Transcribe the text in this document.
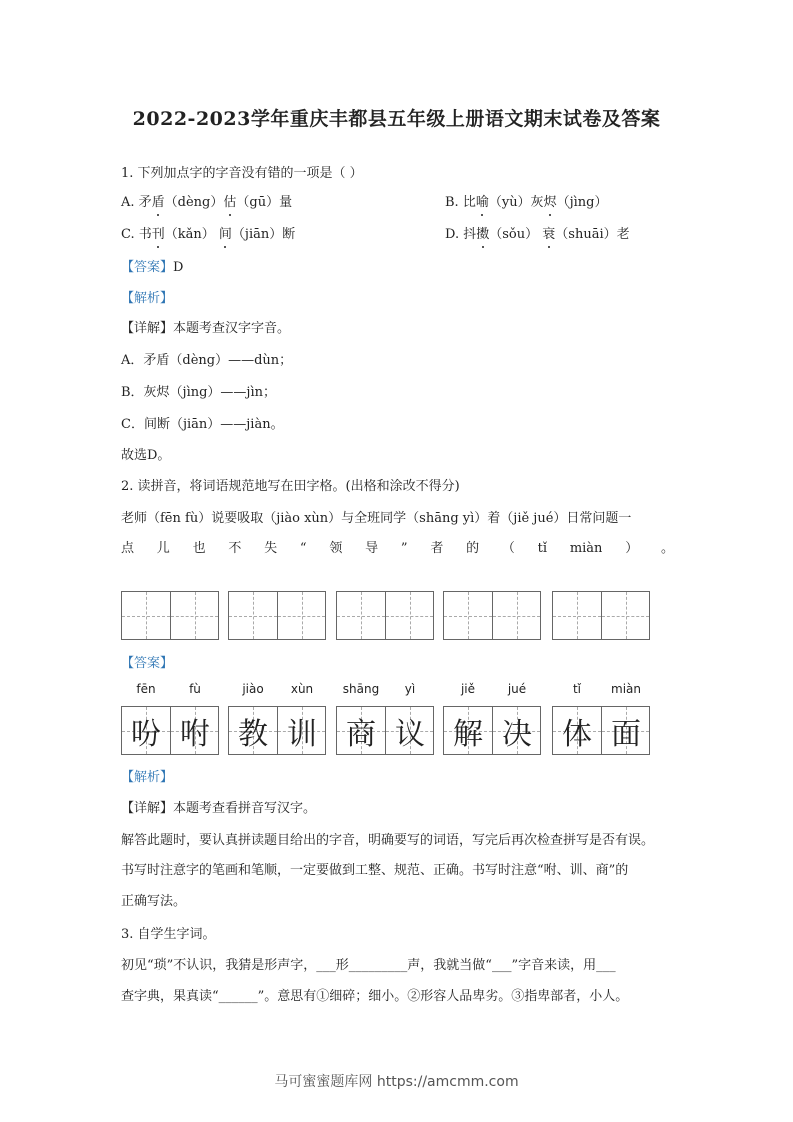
2022-2023学年重庆丰都县五年级上册语文期末试卷及答案
1. 下列加点字的字音没有错的一项是（ ）
A. 矛盾（dèng）估（gū）量	B. 比喻（yù）灰烬（jìng）
C. 书刊（kǎn） 间（jiān）断	D. 抖擞（sǒu） 衰（shuāi）老
【答案】D
【解析】
【详解】本题考查汉字字音。
A．矛盾（dèng）——dùn；
B．灰烬（jìng）——jìn；
C．间断（jiān）——jiàn。
故选D。
2. 读拼音，将词语规范地写在田字格。(出格和涂改不得分)
老师（fēn fù）说要吸取（jiào xùn）与全班同学（shāng yì）着（jiě jué）日常问题一
点 儿 也 不 失 “ 领 导 ” 者 的 （ tǐ miàn ） 。
【答案】
fēn
吩
fù
咐
jiào
教
xùn
训
shāng
商
yì
议
jiě
解
jué
决
tǐ
体
miàn
面
【解析】
【详解】本题考查看拼音写汉字。
解答此题时，要认真拼读题目给出的字音，明确要写的词语，写完后再次检查拼写是否有误。
书写时注意字的笔画和笔顺，一定要做到工整、规范、正确。书写时注意“咐、训、商”的
正确写法。
3. 自学生字词。
初见“琐”不认识，我猜是形声字，___形_________声，我就当做“___”字音来读，用___
查字典，果真读“______”。意思有①细碎；细小。②形容人品卑劣。③指卑部者，小人。
马可蜜蜜题库网 https://amcmm.com
